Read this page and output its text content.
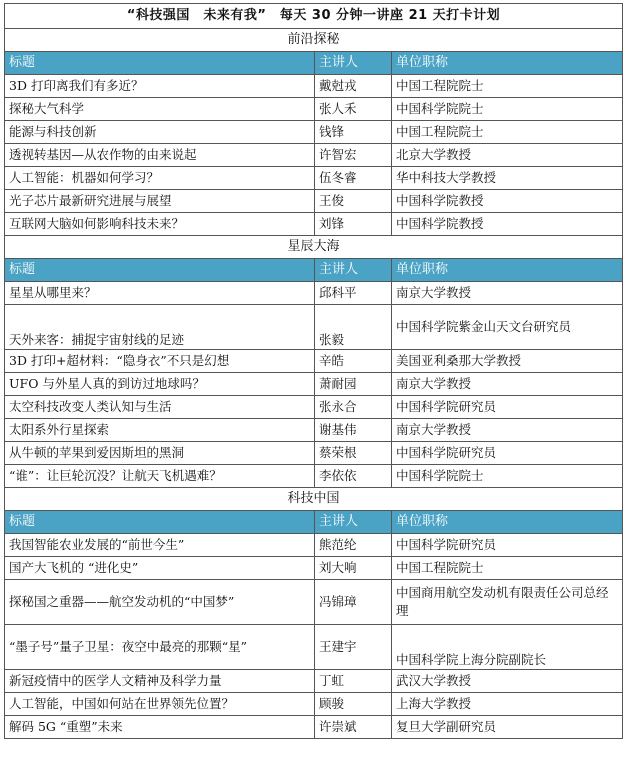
“科技强国　未来有我”　每天 30 分钟一讲座 21 天打卡计划		
前沿探秘		
标题	主讲人	单位职称
3D 打印离我们有多近？	戴尅戎	中国工程院院士
探秘大气科学	张人禾	中国科学院院士
能源与科技创新	钱锋	中国工程院院士
透视转基因—从农作物的由来说起	许智宏	北京大学教授
人工智能：机器如何学习？	伍冬睿	华中科技大学教授
光子芯片最新研究进展与展望	王俊	中国科学院教授
互联网大脑如何影响科技未来？	刘锋	中国科学院教授
星辰大海		
标题	主讲人	单位职称
星星从哪里来？	邱科平	南京大学教授
天外来客：捕捉宇宙射线的足迹	张毅	中国科学院紫金山天文台研究员
3D 打印+超材料：“隐身衣”不只是幻想	辛皓	美国亚利桑那大学教授
UFO 与外星人真的到访过地球吗？	萧耐园	南京大学教授
太空科技改变人类认知与生活	张永合	中国科学院研究员
太阳系外行星探索	谢基伟	南京大学教授
从牛顿的苹果到爱因斯坦的黑洞	蔡荣根	中国科学院研究员
“谁”：让巨轮沉没？让航天飞机遇难？	李依依	中国科学院院士
科技中国		
标题	主讲人	单位职称
我国智能农业发展的“前世今生”	熊范纶	中国科学院研究员
国产大飞机的 “进化史”	刘大响	中国工程院院士
探秘国之重器——航空发动机的“中国梦”	冯锦璋	中国商用航空发动机有限责任公司总经理
“墨子号”量子卫星：夜空中最亮的那颗“星”	王建宇	中国科学院上海分院副院长
新冠疫情中的医学人文精神及科学力量	丁虹	武汉大学教授
人工智能，中国如何站在世界领先位置？	顾骏	上海大学教授
解码 5G “重塑”未来	许崇斌	复旦大学副研究员
